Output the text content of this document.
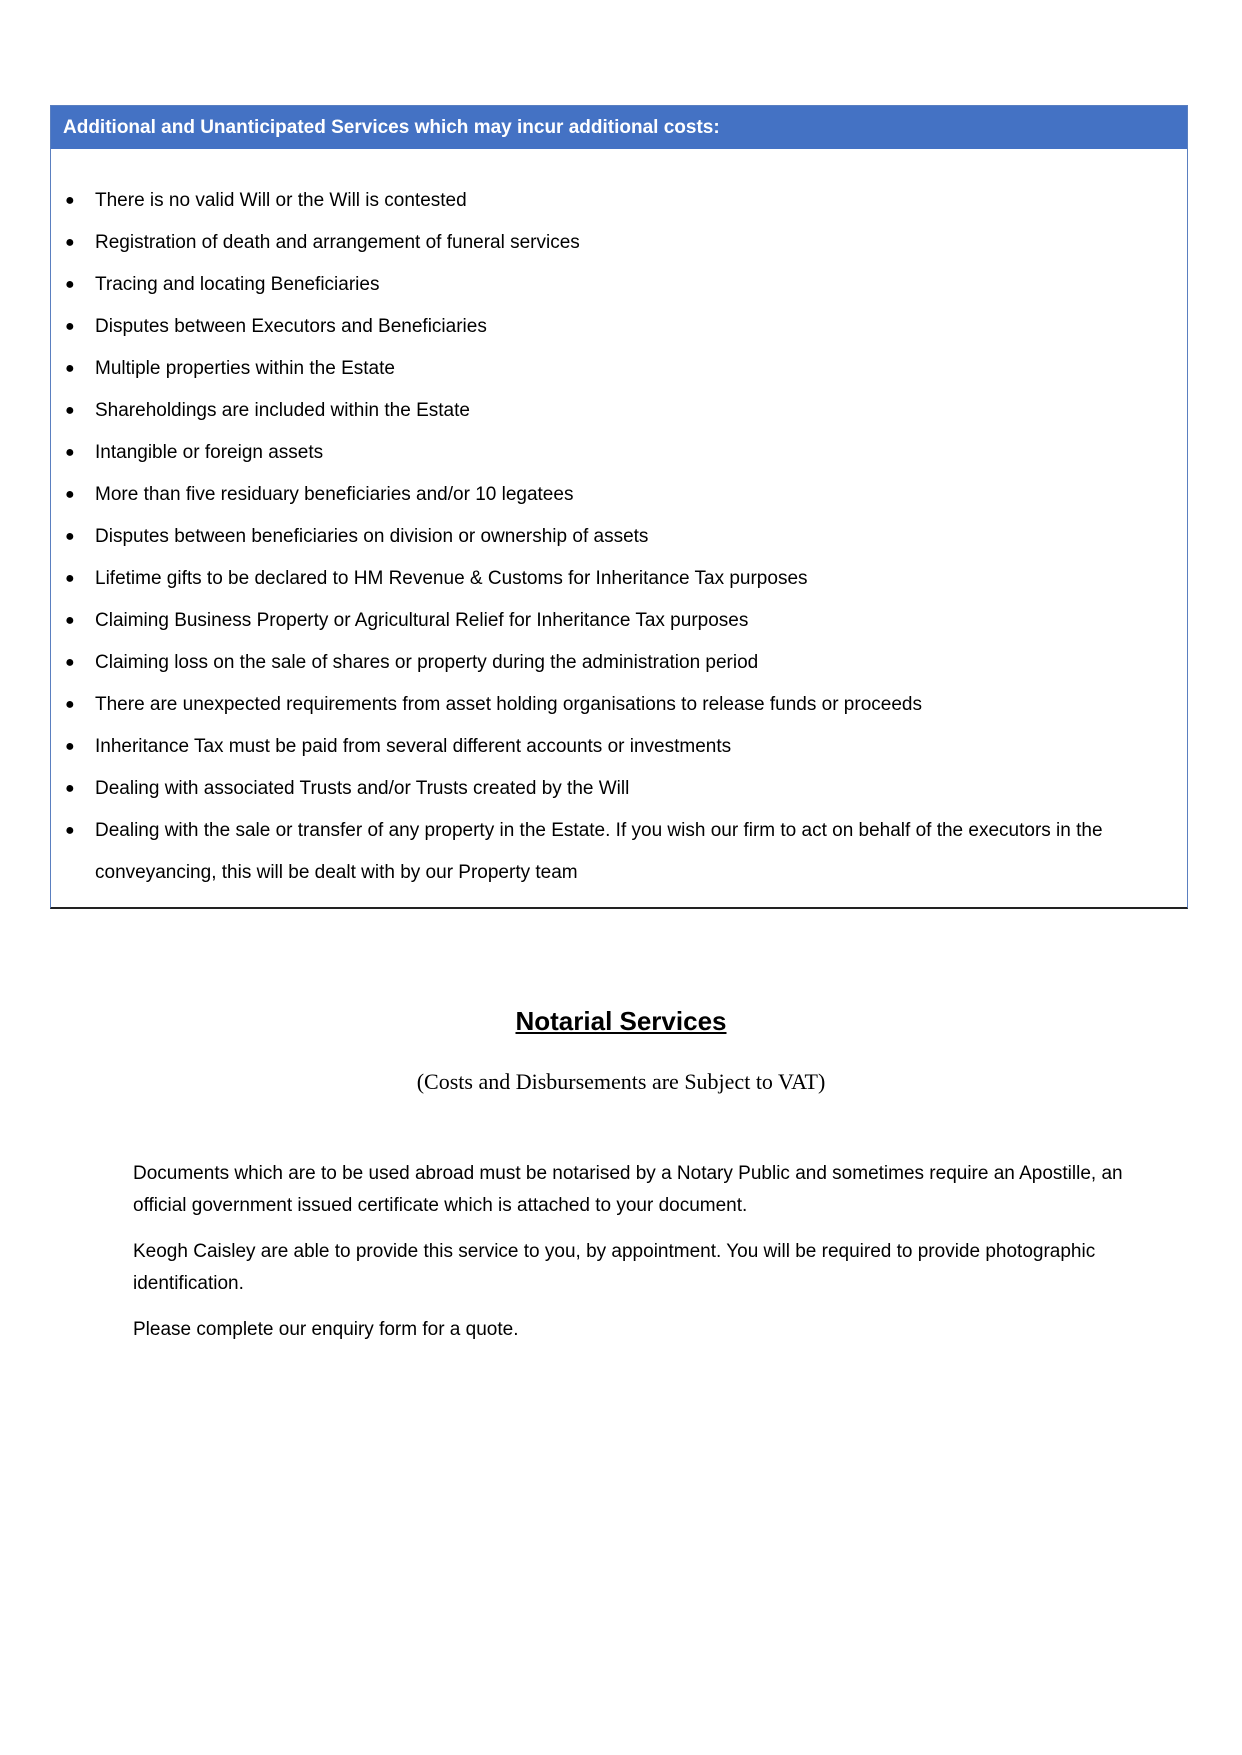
Additional and Unanticipated Services which may incur additional costs:
● There is no valid Will or the Will is contested
● Registration of death and arrangement of funeral services
● Tracing and locating Beneficiaries
● Disputes between Executors and Beneficiaries
● Multiple properties within the Estate
● Shareholdings are included within the Estate
● Intangible or foreign assets
● More than five residuary beneficiaries and/or 10 legatees
● Disputes between beneficiaries on division or ownership of assets
● Lifetime gifts to be declared to HM Revenue & Customs for Inheritance Tax purposes
● Claiming Business Property or Agricultural Relief for Inheritance Tax purposes
● Claiming loss on the sale of shares or property during the administration period
● There are unexpected requirements from asset holding organisations to release funds or proceeds
● Inheritance Tax must be paid from several different accounts or investments
● Dealing with associated Trusts and/or Trusts created by the Will
● Dealing with the sale or transfer of any property in the Estate. If you wish our firm to act on behalf of the executors in the conveyancing, this will be dealt with by our Property team
Notarial Services
(Costs and Disbursements are Subject to VAT)

Documents which are to be used abroad must be notarised by a Notary Public and sometimes require an Apostille, an official government issued certificate which is attached to your document.

Keogh Caisley are able to provide this service to you, by appointment. You will be required to provide photographic identification.

Please complete our enquiry form for a quote.
